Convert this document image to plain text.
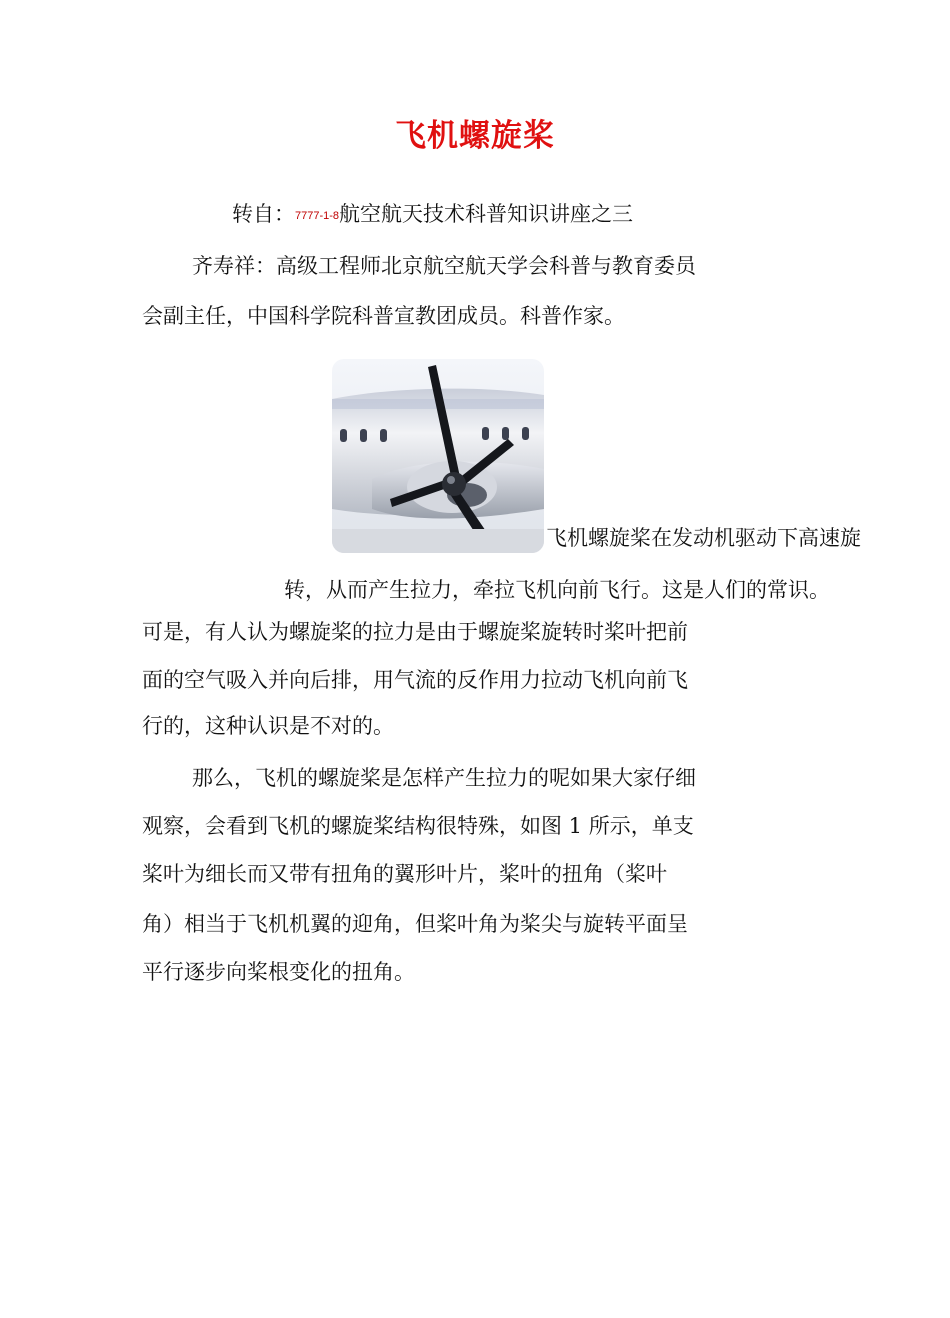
飞机螺旋桨
转自：7777-1-8航空航天技术科普知识讲座之三
齐寿祥：高级工程师北京航空航天学会科普与教育委员
会副主任，中国科学院科普宣教团成员。科普作家。
飞机螺旋桨在发动机驱动下高速旋
转，从而产生拉力，牵拉飞机向前飞行。这是人们的常识。
可是，有人认为螺旋桨的拉力是由于螺旋桨旋转时桨叶把前
面的空气吸入并向后排，用气流的反作用力拉动飞机向前飞
行的，这种认识是不对的。
那么，飞机的螺旋桨是怎样产生拉力的呢如果大家仔细
观察，会看到飞机的螺旋桨结构很特殊，如图 1 所示，单支
桨叶为细长而又带有扭角的翼形叶片，桨叶的扭角（桨叶
角）相当于飞机机翼的迎角，但桨叶角为桨尖与旋转平面呈
平行逐步向桨根变化的扭角。
